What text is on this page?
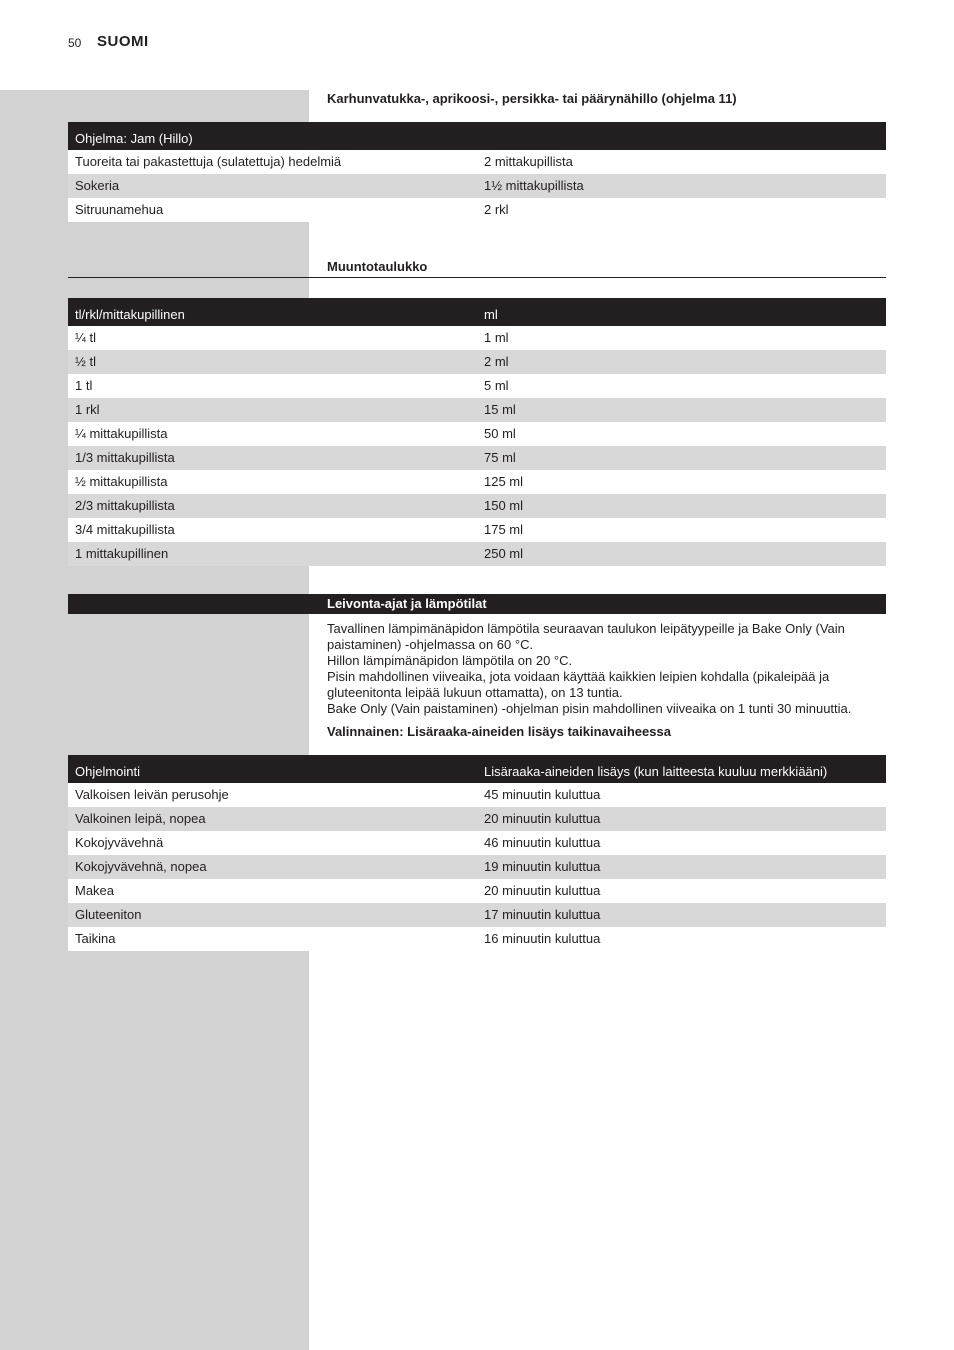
50 SUOMI
Karhunvatukka-, aprikoosi-, persikka- tai päärynähillo (ohjelma 11)
Ohjelma: Jam (Hillo)
Tuoreita tai pakastettuja (sulatettuja) hedelmiä	2 mittakupillista
Sokeria	1½ mittakupillista
Sitruunamehua	2 rkl
Muuntotaulukko
tl/rkl/mittakupillinen	ml
¼ tl	1 ml
½ tl	2 ml
1 tl	5 ml
1 rkl	15 ml
¼ mittakupillista	50 ml
1/3 mittakupillista	75 ml
½ mittakupillista	125 ml
2/3 mittakupillista	150 ml
3/4 mittakupillista	175 ml
1 mittakupillinen	250 ml
Leivonta-ajat ja lämpötilat

Tavallinen lämpimänäpidon lämpötila seuraavan taulukon leipätyypeille ja Bake Only (Vain paistaminen) -ohjelmassa on 60 °C.

Hillon lämpimänäpidon lämpötila on 20 °C.

Pisin mahdollinen viiveaika, jota voidaan käyttää kaikkien leipien kohdalla (pikaleipää ja gluteenitonta leipää lukuun ottamatta), on 13 tuntia.

Bake Only (Vain paistaminen) -ohjelman pisin mahdollinen viiveaika on 1 tunti 30 minuuttia.

Valinnainen: Lisäraaka-aineiden lisäys taikinavaiheessa
Ohjelmointi	Lisäraaka-aineiden lisäys (kun laitteesta kuuluu merkkiääni)
Valkoisen leivän perusohje	45 minuutin kuluttua
Valkoinen leipä, nopea	20 minuutin kuluttua
Kokojyvävehnä	46 minuutin kuluttua
Kokojyvävehnä, nopea	19 minuutin kuluttua
Makea	20 minuutin kuluttua
Gluteeniton	17 minuutin kuluttua
Taikina	16 minuutin kuluttua
